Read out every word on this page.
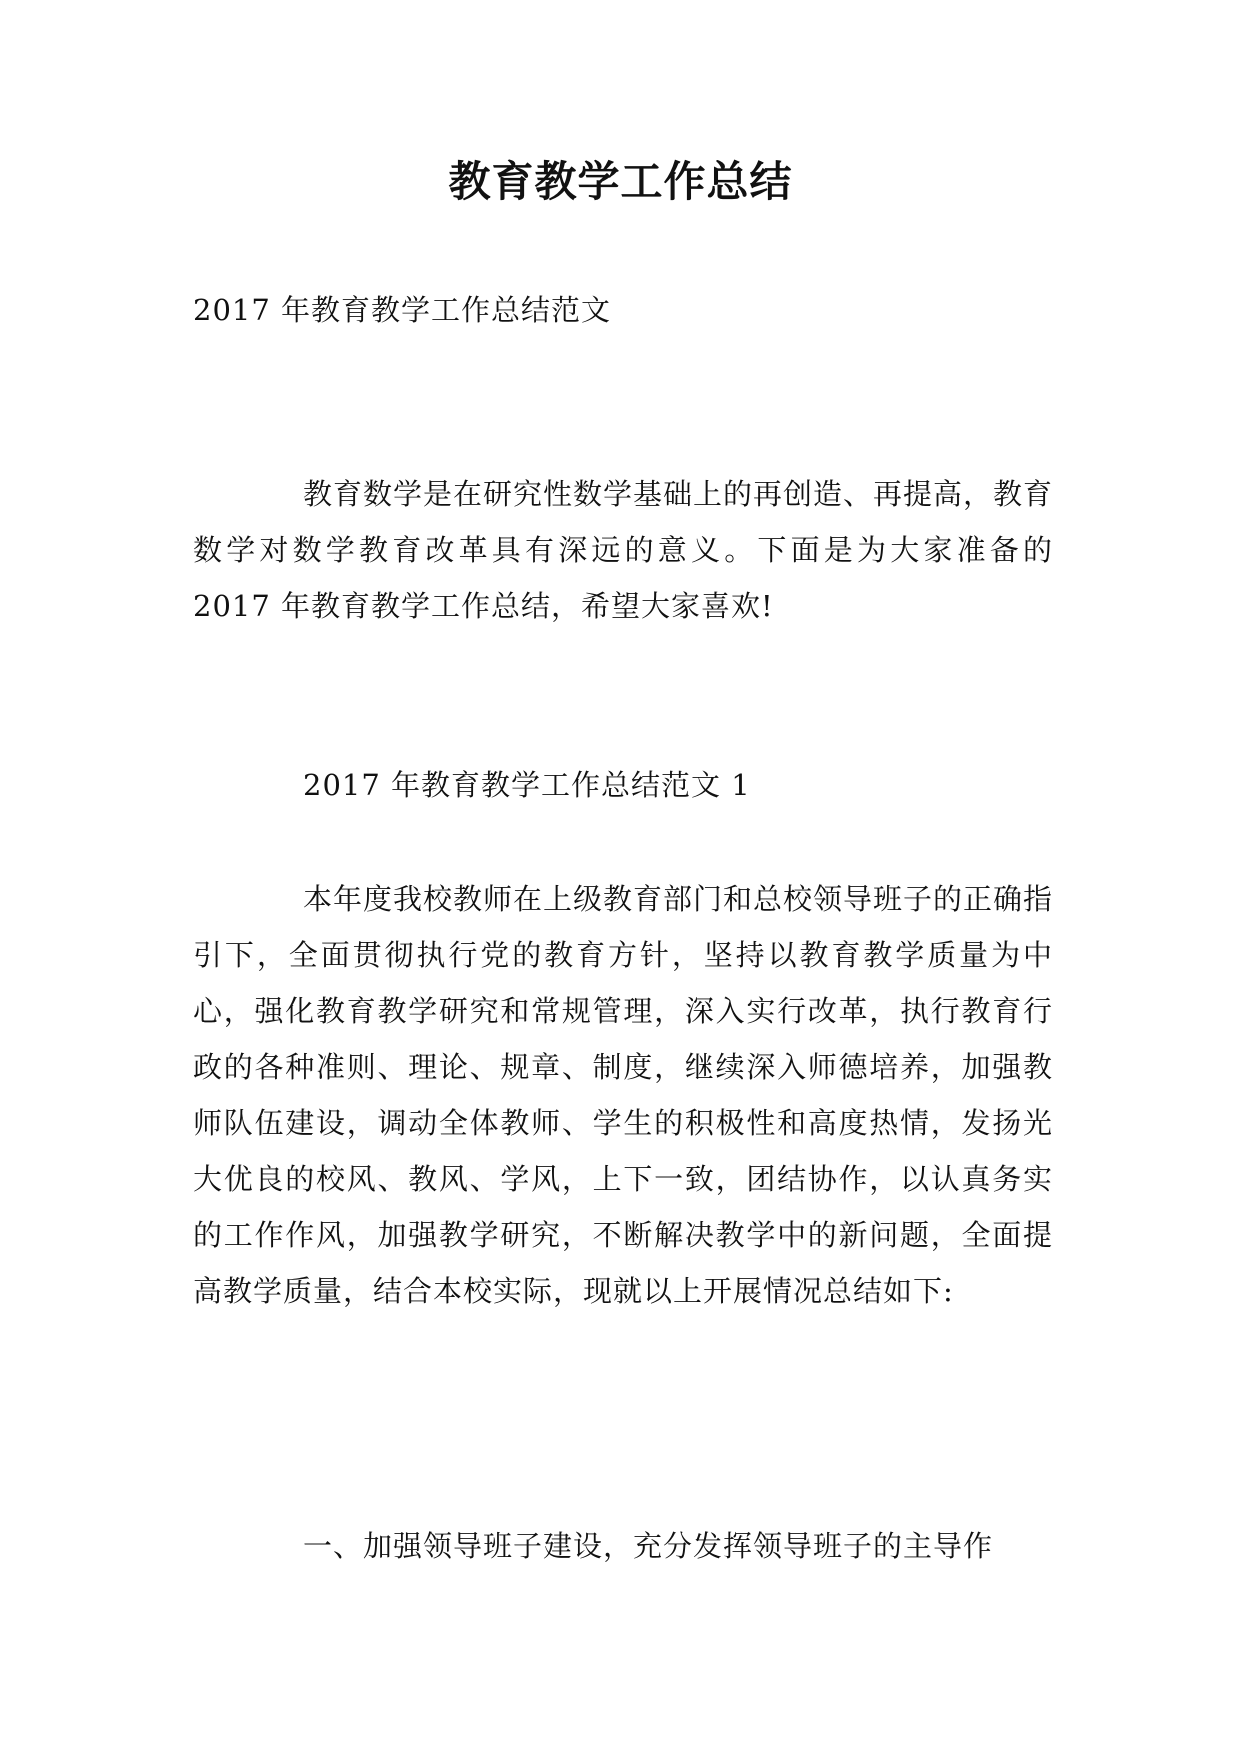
教育教学工作总结
2017 年教育教学工作总结范文

教育数学是在研究性数学基础上的再创造、再提高，教育数学对数学教育改革具有深远的意义。下面是为大家准备的 2017 年教育教学工作总结，希望大家喜欢!

2017 年教育教学工作总结范文 1

本年度我校教师在上级教育部门和总校领导班子的正确指引下，全面贯彻执行党的教育方针，坚持以教育教学质量为中心，强化教育教学研究和常规管理，深入实行改革，执行教育行政的各种准则、理论、规章、制度，继续深入师德培养，加强教师队伍建设，调动全体教师、学生的积极性和高度热情，发扬光大优良的校风、教风、学风，上下一致，团结协作，以认真务实的工作作风，加强教学研究，不断解决教学中的新问题，全面提高教学质量，结合本校实际，现就以上开展情况总结如下:

一、加强领导班子建设，充分发挥领导班子的主导作
